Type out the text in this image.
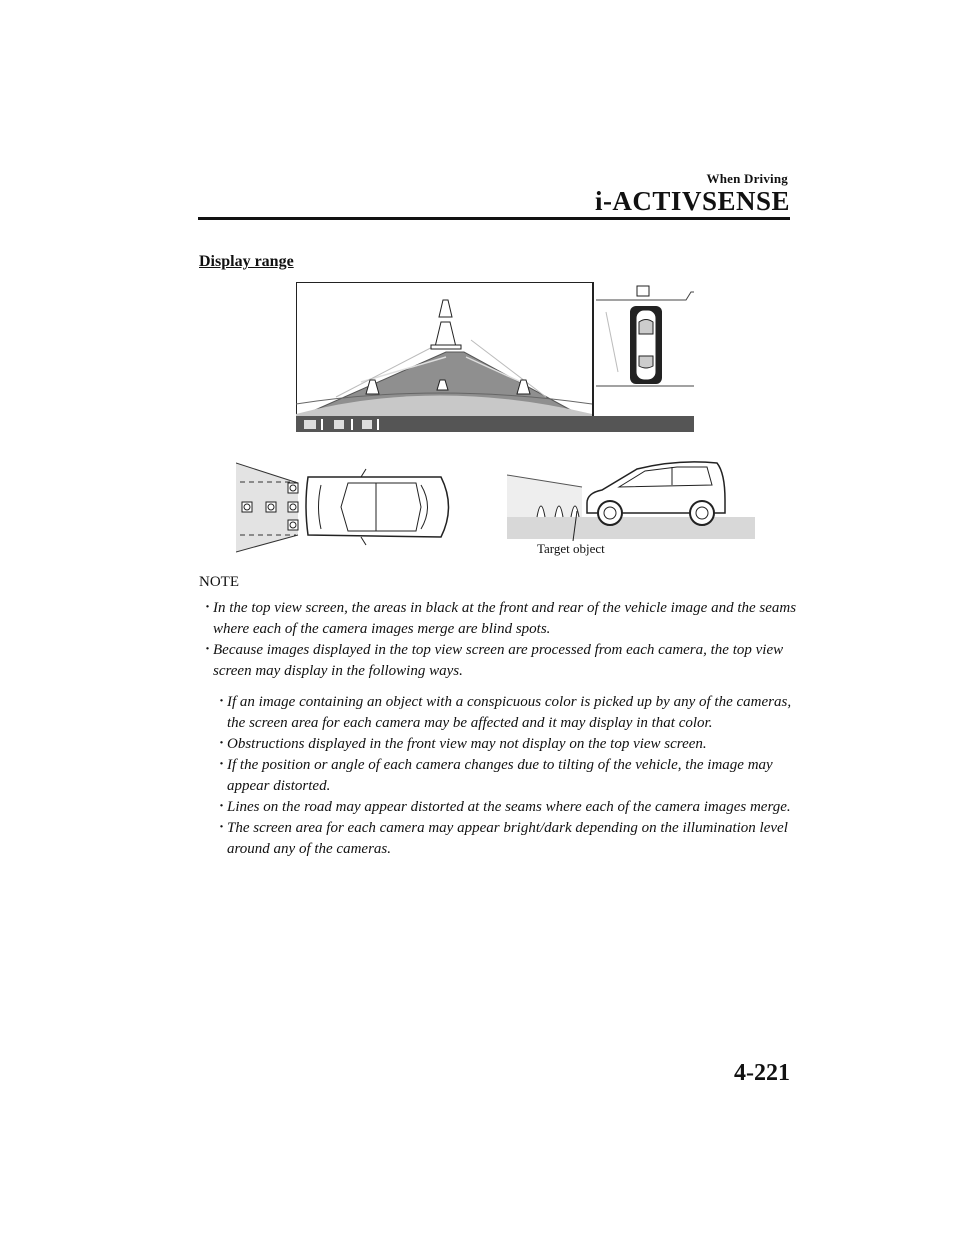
When Driving
i-ACTIVSENSE
Display range
Target object
NOTE

· In the top view screen, the areas in black at the front and rear of the vehicle image and the seams where each of the camera images merge are blind spots.

· Because images displayed in the top view screen are processed from each camera, the top view screen may display in the following ways.

· If an image containing an object with a conspicuous color is picked up by any of the cameras, the screen area for each camera may be affected and it may display in that color.

· Obstructions displayed in the front view may not display on the top view screen.

· If the position or angle of each camera changes due to tilting of the vehicle, the image may appear distorted.

· Lines on the road may appear distorted at the seams where each of the camera images merge.

· The screen area for each camera may appear bright/dark depending on the illumination level around any of the cameras.

4-221
